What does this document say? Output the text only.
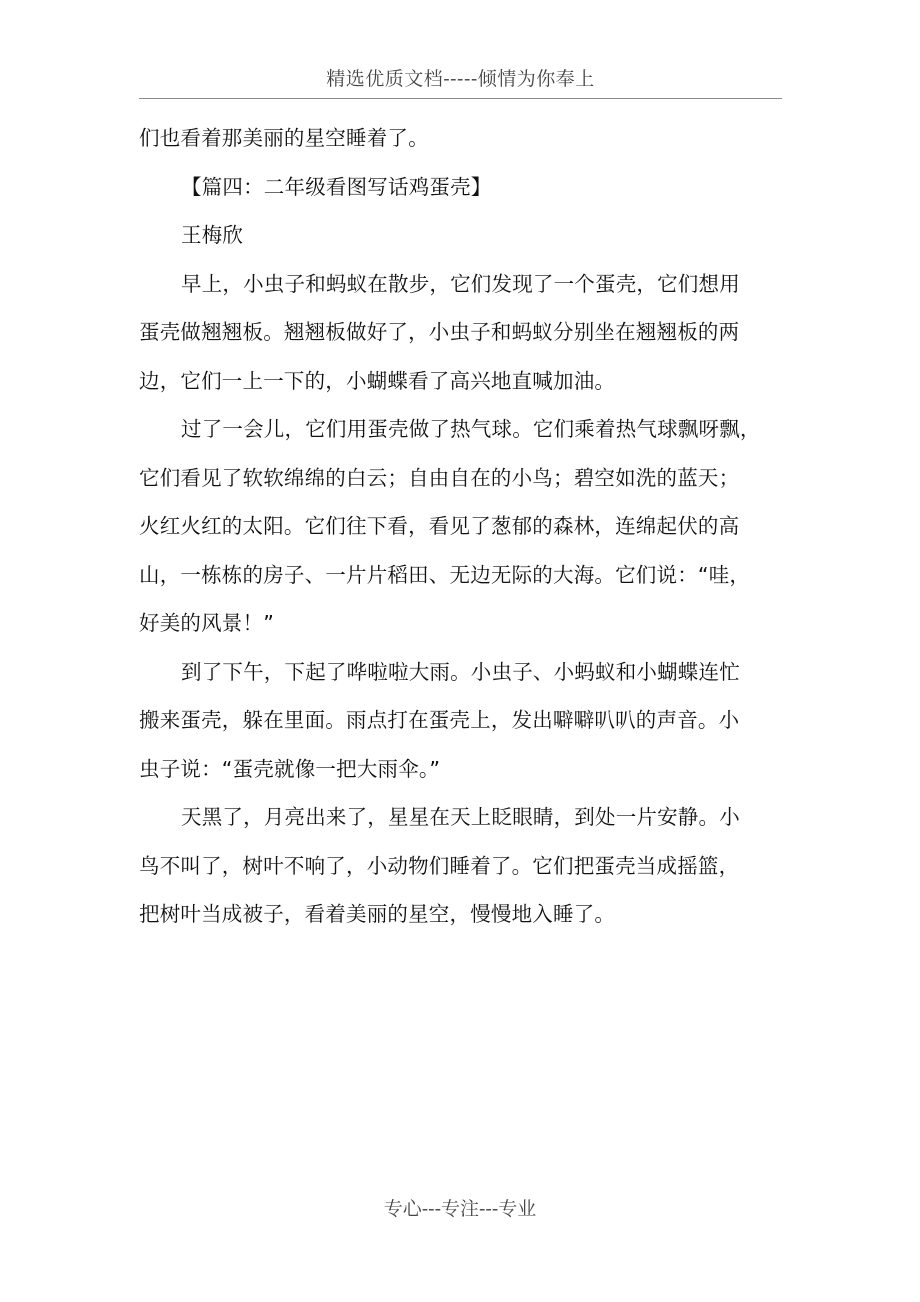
精选优质文档-----倾情为你奉上
们也看着那美丽的星空睡着了。
【篇四：二年级看图写话鸡蛋壳】
王梅欣
早上，小虫子和蚂蚁在散步，它们发现了一个蛋壳，它们想用
蛋壳做翘翘板。翘翘板做好了，小虫子和蚂蚁分别坐在翘翘板的两
边，它们一上一下的，小蝴蝶看了高兴地直喊加油。
过了一会儿，它们用蛋壳做了热气球。它们乘着热气球飘呀飘，
它们看见了软软绵绵的白云；自由自在的小鸟；碧空如洗的蓝天；
火红火红的太阳。它们往下看，看见了葱郁的森林，连绵起伏的高
山，一栋栋的房子、一片片稻田、无边无际的大海。它们说：“哇，
好美的风景！”
到了下午，下起了哗啦啦大雨。小虫子、小蚂蚁和小蝴蝶连忙
搬来蛋壳，躲在里面。雨点打在蛋壳上，发出噼噼叭叭的声音。小
虫子说：“蛋壳就像一把大雨伞。”
天黑了，月亮出来了，星星在天上眨眼睛，到处一片安静。小
鸟不叫了，树叶不响了，小动物们睡着了。它们把蛋壳当成摇篮，
把树叶当成被子，看着美丽的星空，慢慢地入睡了。
专心---专注---专业
